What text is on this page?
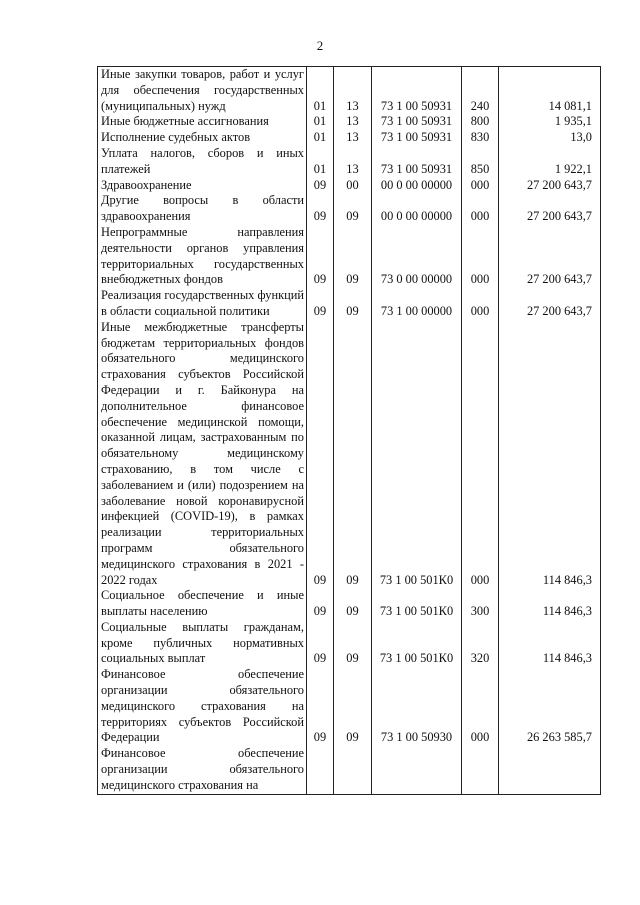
2
Иные закупки товаров, работ и услуг для обеспечения государственных (муниципальных) нужд	01	13	73 1 00 50931	240	14 081,1
Иные бюджетные ассигнования	01	13	73 1 00 50931	800	1 935,1
Исполнение судебных актов	01	13	73 1 00 50931	830	13,0
Уплата налогов, сборов и иных платежей	01	13	73 1 00 50931	850	1 922,1
Здравоохранение	09	00	00 0 00 00000	000	27 200 643,7
Другие вопросы в области здравоохранения	09	09	00 0 00 00000	000	27 200 643,7
Непрограммные направления деятельности органов управления территориальных государственных внебюджетных фондов	09	09	73 0 00 00000	000	27 200 643,7
Реализация государственных функций в области социальной политики	09	09	73 1 00 00000	000	27 200 643,7
Иные межбюджетные трансферты бюджетам территориальных фондов обязательного медицинского страхования субъектов Российской Федерации и г. Байконура на дополнительное финансовое обеспечение медицинской помощи, оказанной лицам, застрахованным по обязательному медицинскому страхованию, в том числе с заболеванием и (или) подозрением на заболевание новой коронавирусной инфекцией (COVID-19), в рамках реализации территориальных программ обязательного медицинского страхования в 2021 - 2022 годах	09	09	73 1 00 501К0	000	114 846,3
Социальное обеспечение и иные выплаты населению	09	09	73 1 00 501К0	300	114 846,3
Социальные выплаты гражданам, кроме публичных нормативных социальных выплат	09	09	73 1 00 501К0	320	114 846,3
Финансовое обеспечение организации обязательного медицинского страхования на территориях субъектов Российской Федерации	09	09	73 1 00 50930	000	26 263 585,7
Финансовое обеспечение организации обязательного медицинского страхования на					
